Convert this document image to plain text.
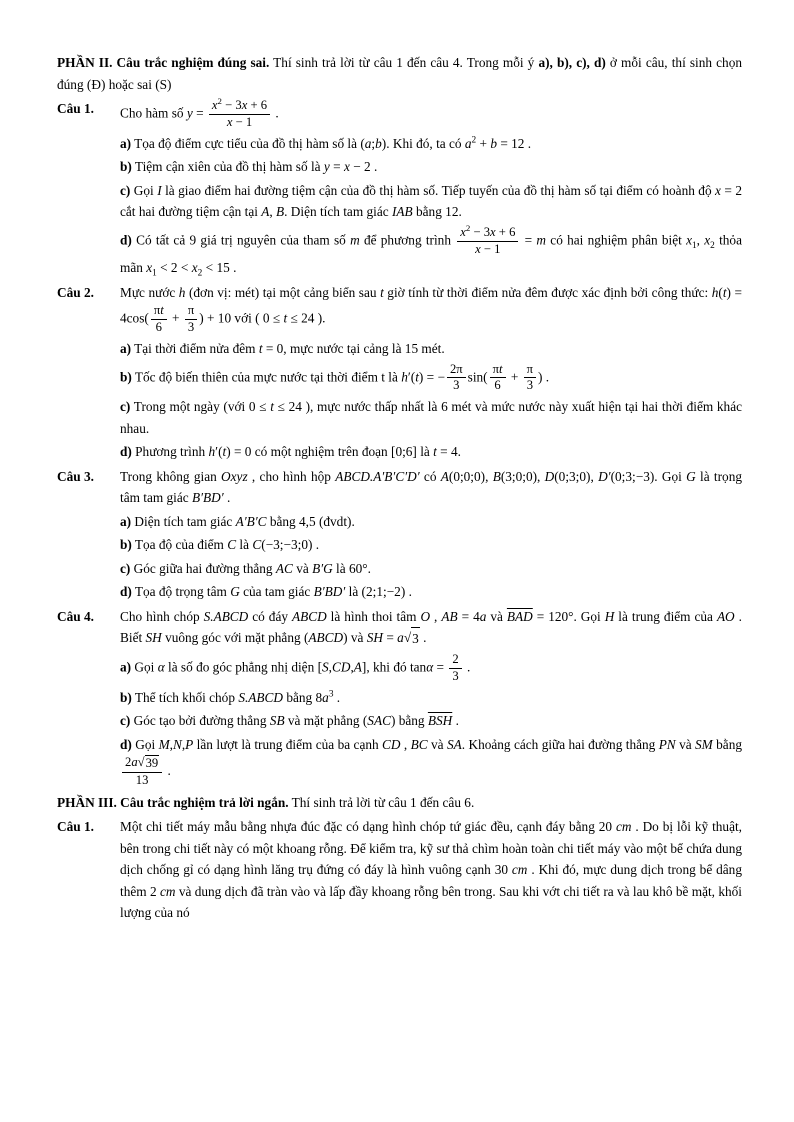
PHẦN II. Câu trắc nghiệm đúng sai. Thí sinh trả lời từ câu 1 đến câu 4. Trong mỗi ý a), b), c), d) ở mỗi câu, thí sinh chọn đúng (Đ) hoặc sai (S)
Câu 1.	Cho hàm số $y = \frac{x^2 - 3x + 6}{x - 1}$ .
a) Tọa độ điểm cực tiểu của đồ thị hàm số là (a;b). Khi đó, ta có $a^2 + b = 12$ .
b) Tiệm cận xiên của đồ thị hàm số là y = x − 2 .
c) Gọi I là giao điểm hai đường tiệm cận của đồ thị hàm số. Tiếp tuyến của đồ thị hàm số tại điểm có hoành độ x = 2 cắt hai đường tiệm cận tại A, B. Diện tích tam giác IAB bằng 12.
d) Có tất cả 9 giá trị nguyên của tham số m để phương trình $\frac{x^2 - 3x + 6}{x - 1} = m$ có hai nghiệm phân biệt $x_1$, $x_2$ thỏa mãn $x_1 < 2 < x_2 < 15$ .
Câu 2.	Mực nước h (đơn vị: mét) tại một cảng biển sau t giờ tính từ thời điểm nửa đêm được xác định bởi công thức: $h(t) = 4\cos( \frac{\pi t}{6} + \frac{\pi}{3}$ ) + 10 với ( 0 ≤ t ≤ 24 ).
a) Tại thời điểm nửa đêm t = 0, mực nước tại cảng là 15 mét.
b) Tốc độ biến thiên của mực nước tại thời điểm t là h′(t) = − $\frac{2\pi}{3} \sin( \frac{\pi t}{6} + \frac{\pi}{3}$ ) .
c) Trong một ngày (với 0 ≤ t ≤ 24 ), mực nước thấp nhất là 6 mét và mức nước này xuất hiện tại hai thời điểm khác nhau.
d) Phương trình h′(t) = 0 có một nghiệm trên đoạn [0;6] là t = 4.
Câu 3.	Trong không gian Oxyz , cho hình hộp ABCD.A′B′C′D′ có A(0;0;0), B(3;0;0), D(0;3;0), D′(0;3;−3). Gọi G là trọng tâm tam giác B′BD′ .
a) Diện tích tam giác A′B′C bằng 4,5 (đvdt).
b) Tọa độ của điểm C là C(−3;−3;0) .
c) Góc giữa hai đường thẳng AC và B′G là 60°.
d) Tọa độ trọng tâm G của tam giác B′BD′ là (2;1;−2) .
Câu 4.	Cho hình chóp S.ABCD có đáy ABCD là hình thoi tâm O , AB = 4a và $\overline{BAD} = 120^\circ$. Gọi H là trung điểm của AO . Biết SH vuông góc với mặt phẳng (ABCD) và SH = a √ 3 .
a) Gọi α là số đo góc phẳng nhị diện [S,CD,A], khi đó $\tan\alpha = \frac{2}{3}$ .
b) Thể tích khối chóp S.ABCD bằng $8a^3$ .
c) Góc tạo bởi đường thẳng SB và mặt phẳng (SAC) bằng $\overline{BSH}$ .
d) Gọi M,N,P lần lượt là trung điểm của ba cạnh CD , BC và SA. Khoảng cách giữa hai đường thẳng PN và SM bằng
$\frac{2a √ 39}{13}$ .
PHẦN III. Câu trắc nghiệm trả lời ngắn. Thí sinh trả lời từ câu 1 đến câu 6.
Câu 1.	Một chi tiết máy mẫu bằng nhựa đúc đặc có dạng hình chóp tứ giác đều, cạnh đáy bằng 20 cm . Do bị lỗi kỹ thuật, bên trong chi tiết này có một khoang rỗng. Để kiểm tra, kỹ sư thả chìm hoàn toàn chi tiết máy vào một bể chứa dung dịch chống gỉ có dạng hình lăng trụ đứng có đáy là hình vuông cạnh 30 cm . Khi đó, mực dung dịch trong bể dâng thêm 2 cm và dung dịch đã tràn vào và lấp đầy khoang rỗng bên trong. Sau khi vớt chi tiết ra và lau khô bề mặt, khối lượng của nó
